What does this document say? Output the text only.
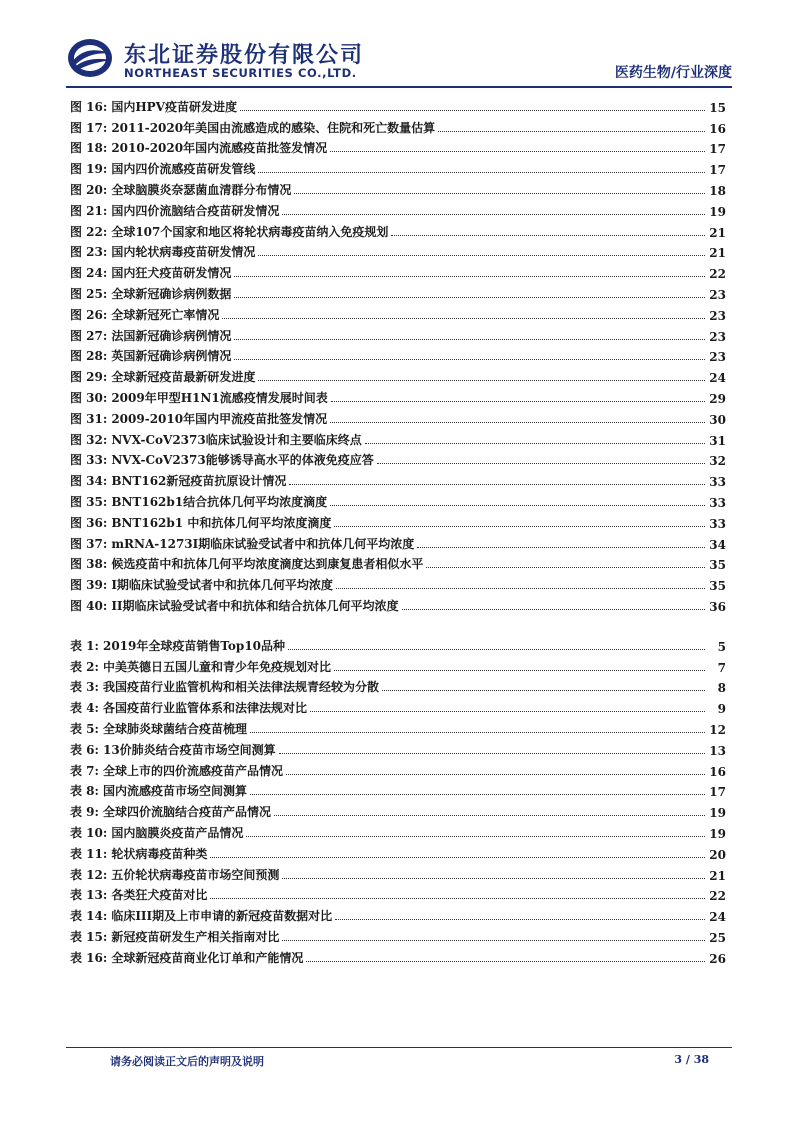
东北证券股份有限公司
NORTHEAST SECURITIES CO.,LTD.	医药生物/行业深度
图 16: 国内HPV疫苗研发进度	15
图 17: 2011-2020年美国由流感造成的感染、住院和死亡数量估算	16
图 18: 2010-2020年国内流感疫苗批签发情况	17
图 19: 国内四价流感疫苗研发管线	17
图 20: 全球脑膜炎奈瑟菌血清群分布情况	18
图 21: 国内四价流脑结合疫苗研发情况	19
图 22: 全球107个国家和地区将轮状病毒疫苗纳入免疫规划	21
图 23: 国内轮状病毒疫苗研发情况	21
图 24: 国内狂犬疫苗研发情况	22
图 25: 全球新冠确诊病例数据	23
图 26: 全球新冠死亡率情况	23
图 27: 法国新冠确诊病例情况	23
图 28: 英国新冠确诊病例情况	23
图 29: 全球新冠疫苗最新研发进度	24
图 30: 2009年甲型H1N1流感疫情发展时间表	29
图 31: 2009-2010年国内甲流疫苗批签发情况	30
图 32: NVX-CoV2373临床试验设计和主要临床终点	31
图 33: NVX-CoV2373能够诱导高水平的体液免疫应答	32
图 34: BNT162新冠疫苗抗原设计情况	33
图 35: BNT162b1结合抗体几何平均浓度滴度	33
图 36: BNT162b1 中和抗体几何平均浓度滴度	33
图 37: mRNA-1273I期临床试验受试者中和抗体几何平均浓度	34
图 38: 候选疫苗中和抗体几何平均浓度滴度达到康复患者相似水平	35
图 39: I期临床试验受试者中和抗体几何平均浓度	35
图 40: II期临床试验受试者中和抗体和结合抗体几何平均浓度	36
表 1: 2019年全球疫苗销售Top10品种	5
表 2: 中美英德日五国儿童和青少年免疫规划对比	7
表 3: 我国疫苗行业监管机构和相关法律法规青经较为分散	8
表 4: 各国疫苗行业监管体系和法律法规对比	9
表 5: 全球肺炎球菌结合疫苗梳理	12
表 6: 13价肺炎结合疫苗市场空间测算	13
表 7: 全球上市的四价流感疫苗产品情况	16
表 8: 国内流感疫苗市场空间测算	17
表 9: 全球四价流脑结合疫苗产品情况	19
表 10: 国内脑膜炎疫苗产品情况	19
表 11: 轮状病毒疫苗种类	20
表 12: 五价轮状病毒疫苗市场空间预测	21
表 13: 各类狂犬疫苗对比	22
表 14: 临床III期及上市申请的新冠疫苗数据对比	24
表 15: 新冠疫苗研发生产相关指南对比	25
表 16: 全球新冠疫苗商业化订单和产能情况	26
请务必阅读正文后的声明及说明	3 / 38
